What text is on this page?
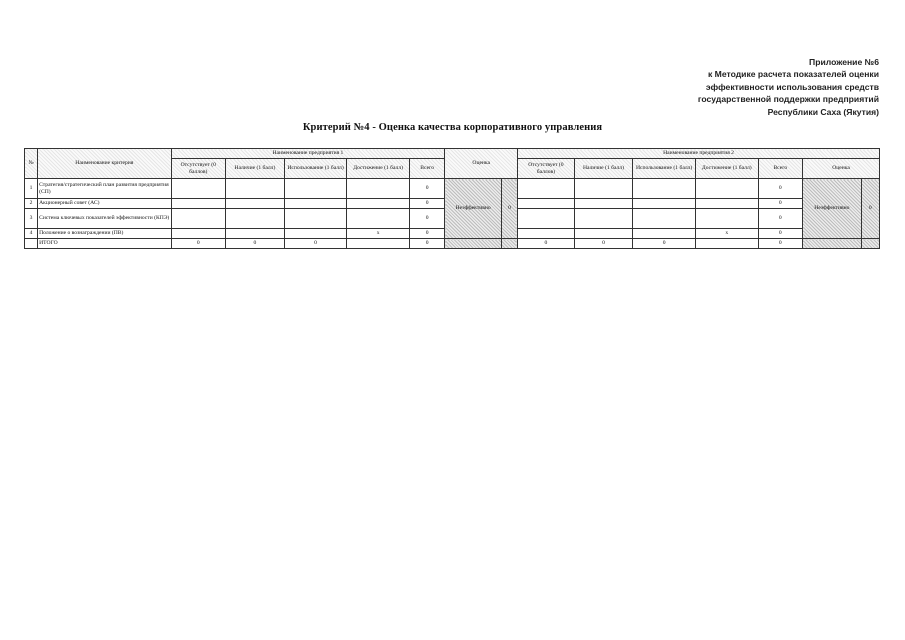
Приложение №6
к Методике расчета показателей оценки
эффективности использования средств
государственной поддержки предприятий
Республики Саха (Якутия)
Критерий №4 - Оценка качества корпоративного управления
№	Наименование критерия	Наименование предприятия 1					Оценка		Наименование предприятия 2						
		Отсутствует (0 баллов)	Наличие (1 балл)	Использование (1 балл)	Достижение (1 балл)	Всего			Отсутствует (0 баллов)	Наличие (1 балл)	Использование (1 балл)	Достижение (1 балл)	Всего	Оценка	
1	Стратегия/стратегический план развития предприятия (СП)					0	Неэффективно	0					0	Неэффективно	0
2	Акционерный совет (АС)					0							0		
3	Система ключевых показателей эффективности (КПЭ)					0							0		
4	Положение о вознаграждении (ПВ)				x	0						x	0		
	ИТОГО	0	0	0		0			0	0	0		0		
